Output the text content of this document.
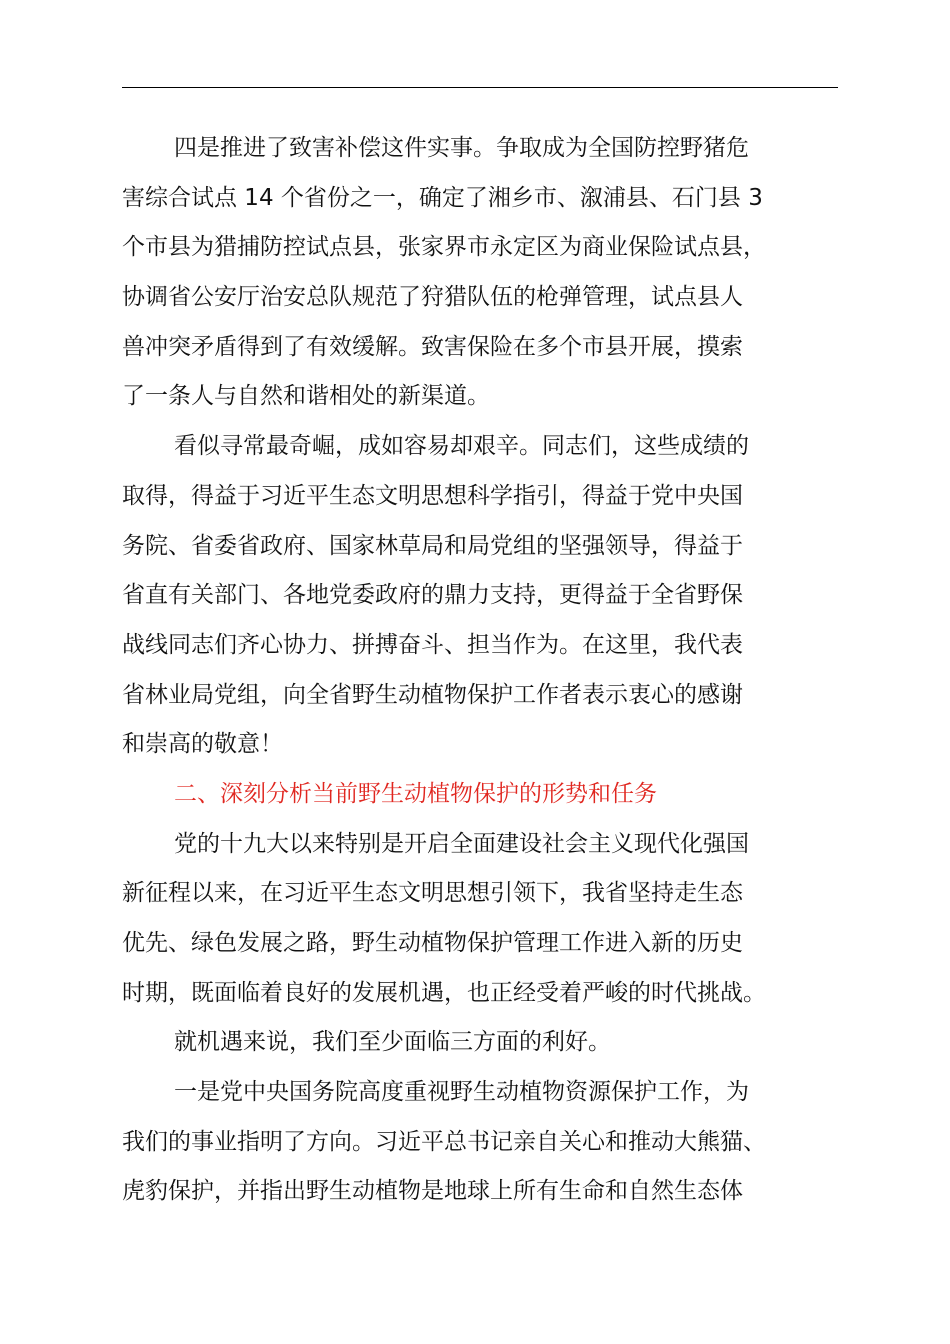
四是推进了致害补偿这件实事。争取成为全国防控野猪危
害综合试点 14 个省份之一，确定了湘乡市、溆浦县、石门县 3
个市县为猎捕防控试点县，张家界市永定区为商业保险试点县，
协调省公安厅治安总队规范了狩猎队伍的枪弹管理，试点县人
兽冲突矛盾得到了有效缓解。致害保险在多个市县开展，摸索
了一条人与自然和谐相处的新渠道。
看似寻常最奇崛，成如容易却艰辛。同志们，这些成绩的
取得，得益于习近平生态文明思想科学指引，得益于党中央国
务院、省委省政府、国家林草局和局党组的坚强领导，得益于
省直有关部门、各地党委政府的鼎力支持，更得益于全省野保
战线同志们齐心协力、拼搏奋斗、担当作为。在这里，我代表
省林业局党组，向全省野生动植物保护工作者表示衷心的感谢
和崇高的敬意！
二、深刻分析当前野生动植物保护的形势和任务
党的十九大以来特别是开启全面建设社会主义现代化强国
新征程以来，在习近平生态文明思想引领下，我省坚持走生态
优先、绿色发展之路，野生动植物保护管理工作进入新的历史
时期，既面临着良好的发展机遇，也正经受着严峻的时代挑战。
就机遇来说，我们至少面临三方面的利好。
一是党中央国务院高度重视野生动植物资源保护工作，为
我们的事业指明了方向。习近平总书记亲自关心和推动大熊猫、
虎豹保护，并指出野生动植物是地球上所有生命和自然生态体
